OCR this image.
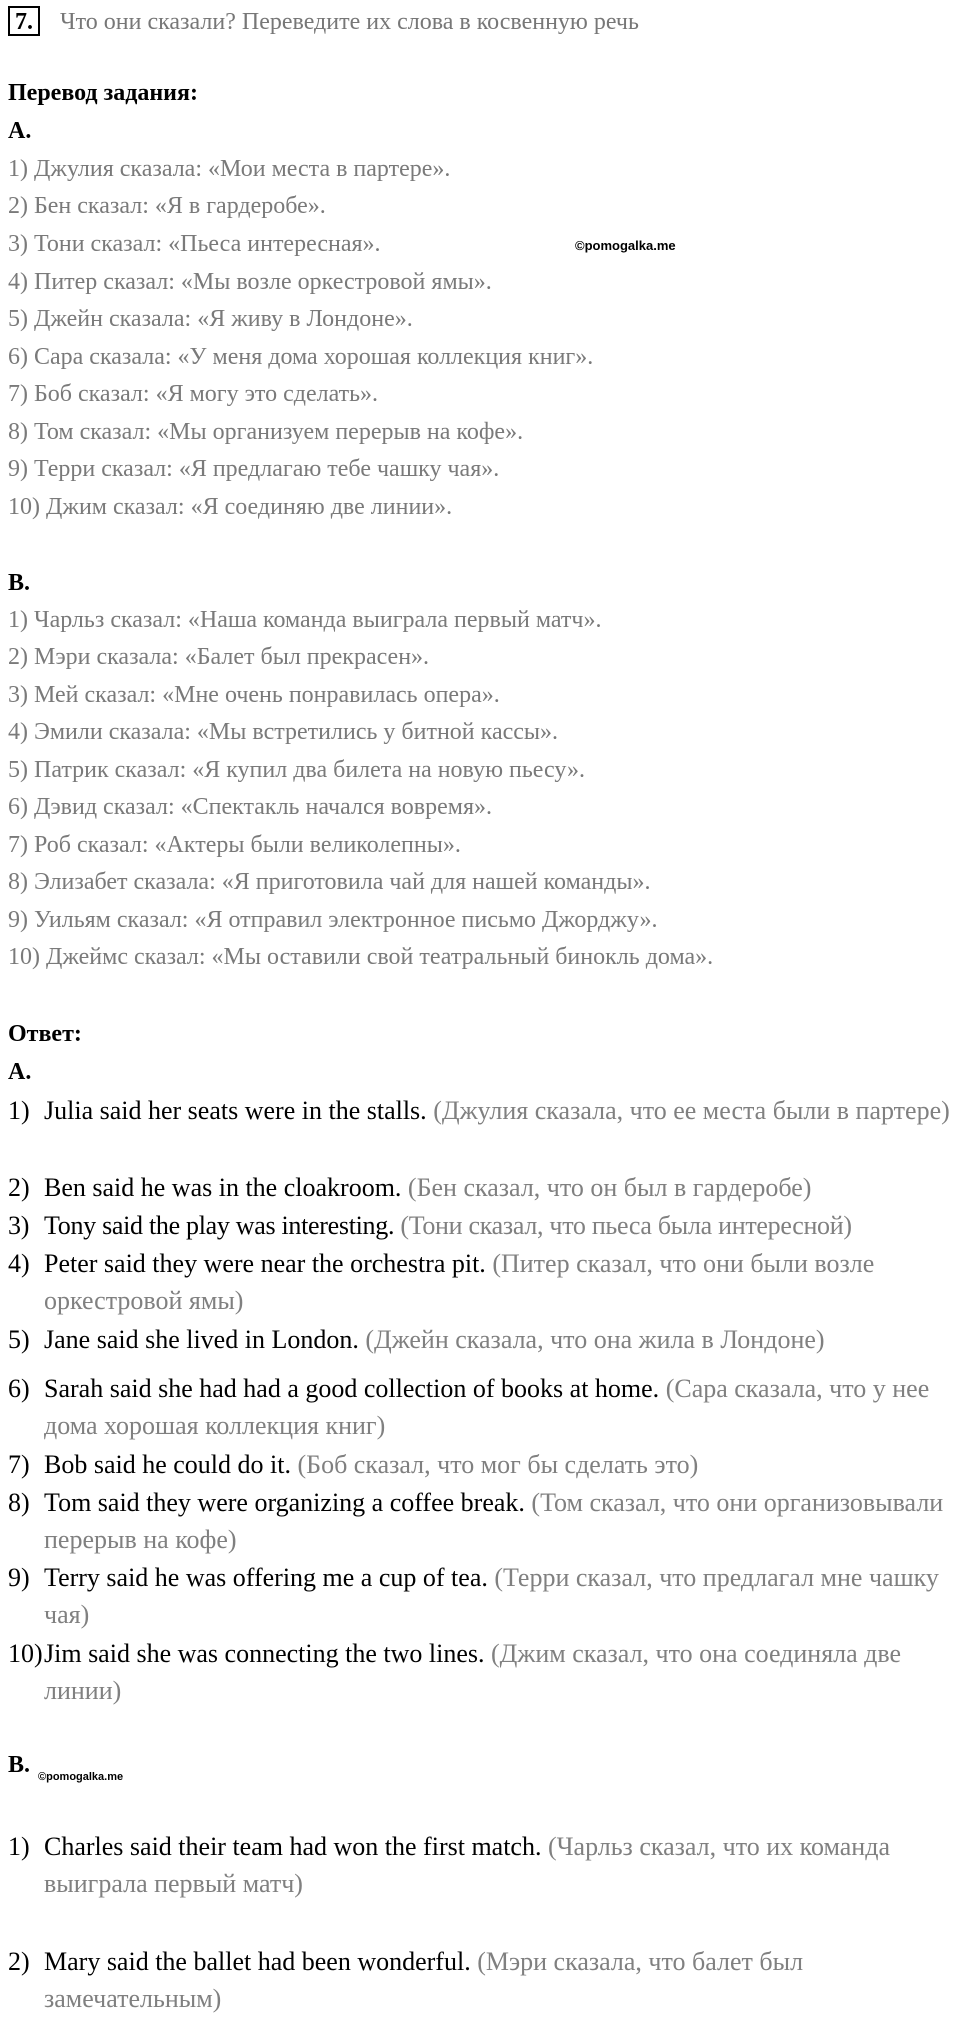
7. Что они сказали? Переведите их слова в косвенную речь
Перевод задания:
A.
1) Джулия сказала: «Мои места в партере».
2) Бен сказал: «Я в гардеробе».
3) Тони сказал: «Пьеса интересная».
4) Питер сказал: «Мы возле оркестровой ямы».
5) Джейн сказала: «Я живу в Лондоне».
6) Сара сказала: «У меня дома хорошая коллекция книг».
7) Боб сказал: «Я могу это сделать».
8) Том сказал: «Мы организуем перерыв на кофе».
9) Терри сказал: «Я предлагаю тебе чашку чая».
10) Джим сказал: «Я соединяю две линии».
©pomogalka.me
B.
1) Чарльз сказал: «Наша команда выиграла первый матч».
2) Мэри сказала: «Балет был прекрасен».
3) Мей сказал: «Мне очень понравилась опера».
4) Эмили сказала: «Мы встретились у битной кассы».
5) Патрик сказал: «Я купил два билета на новую пьесу».
6) Дэвид сказал: «Спектакль начался вовремя».
7) Роб сказал: «Актеры были великолепны».
8) Элизабет сказала: «Я приготовила чай для нашей команды».
9) Уильям сказал: «Я отправил электронное письмо Джорджу».
10) Джеймс сказал: «Мы оставили свой театральный бинокль дома».
Ответ:
A.
1) Julia said her seats were in the stalls. (Джулия сказала, что ее места были в партере)
2) Ben said he was in the cloakroom. (Бен сказал, что он был в гардеробе)
3) Tony said the play was interesting. (Тони сказал, что пьеса была интересной)
4) Peter said they were near the orchestra pit. (Питер сказал, что они были возле оркестровой ямы)
5) Jane said she lived in London. (Джейн сказала, что она жила в Лондоне)
6) Sarah said she had had a good collection of books at home. (Сара сказала, что у нее дома хорошая коллекция книг)
7) Bob said he could do it. (Боб сказал, что мог бы сделать это)
8) Tom said they were organizing a coffee break. (Том сказал, что они организовывали перерыв на кофе)
9) Terry said he was offering me a cup of tea. (Терри сказал, что предлагал мне чашку чая)
10) Jim said she was connecting the two lines. (Джим сказал, что она соединяла две линии)
B. ©pomogalka.me
1) Charles said their team had won the first match. (Чарльз сказал, что их команда выиграла первый матч)
2) Mary said the ballet had been wonderful. (Мэри сказала, что балет был замечательным)
